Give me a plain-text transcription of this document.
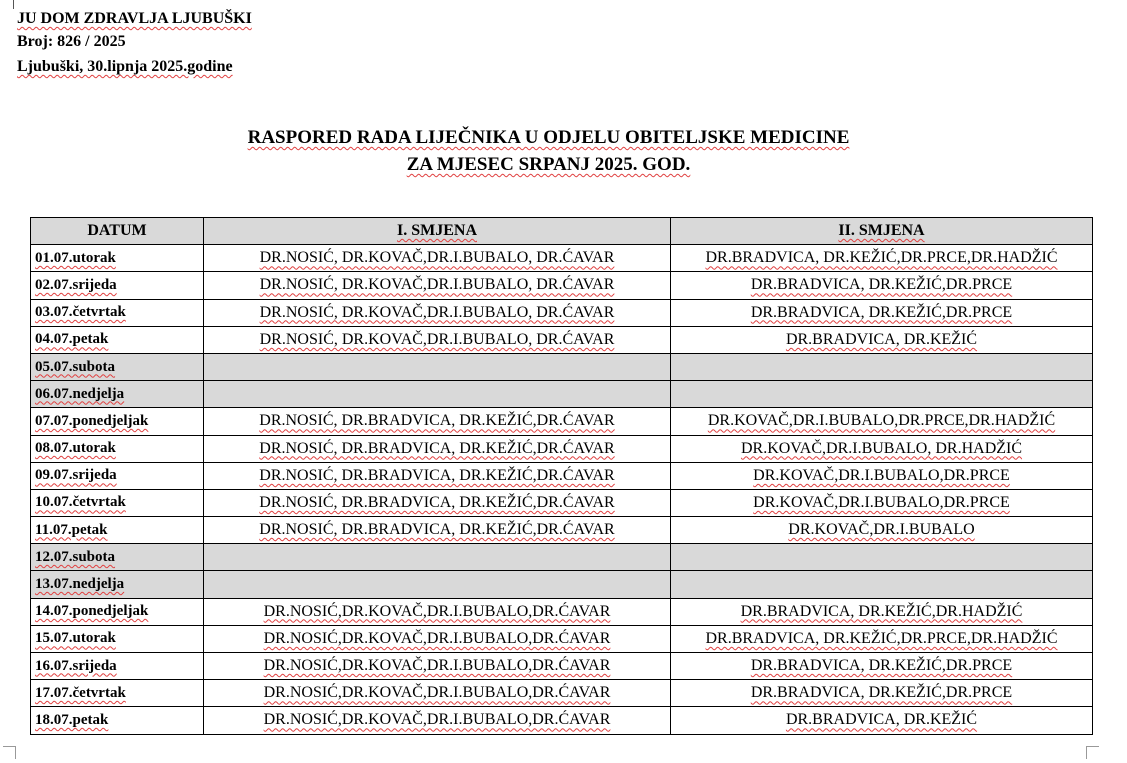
JU DOM ZDRAVLJA LJUBUŠKI
Broj: 826 / 2025
Ljubuški, 30.lipnja 2025.godine
RASPORED RADA LIJEČNIKA U ODJELU OBITELJSKE MEDICINE
ZA MJESEC SRPANJ 2025. GOD.
DATUM	I. SMJENA	II. SMJENA
01.07.utorak	DR.NOSIĆ, DR.KOVAČ,DR.I.BUBALO, DR.ĆAVAR	DR.BRADVICA, DR.KEŽIĆ,DR.PRCE,DR.HADŽIĆ
02.07.srijeda	DR.NOSIĆ, DR.KOVAČ,DR.I.BUBALO, DR.ĆAVAR	DR.BRADVICA, DR.KEŽIĆ,DR.PRCE
03.07.četvrtak	DR.NOSIĆ, DR.KOVAČ,DR.I.BUBALO, DR.ĆAVAR	DR.BRADVICA, DR.KEŽIĆ,DR.PRCE
04.07.petak	DR.NOSIĆ, DR.KOVAČ,DR.I.BUBALO, DR.ĆAVAR	DR.BRADVICA, DR.KEŽIĆ
05.07.subota		
06.07.nedjelja		
07.07.ponedjeljak	DR.NOSIĆ, DR.BRADVICA, DR.KEŽIĆ,DR.ĆAVAR	DR.KOVAČ,DR.I.BUBALO,DR.PRCE,DR.HADŽIĆ
08.07.utorak	DR.NOSIĆ, DR.BRADVICA, DR.KEŽIĆ,DR.ĆAVAR	DR.KOVAČ,DR.I.BUBALO, DR.HADŽIĆ
09.07.srijeda	DR.NOSIĆ, DR.BRADVICA, DR.KEŽIĆ,DR.ĆAVAR	DR.KOVAČ,DR.I.BUBALO,DR.PRCE
10.07.četvrtak	DR.NOSIĆ, DR.BRADVICA, DR.KEŽIĆ,DR.ĆAVAR	DR.KOVAČ,DR.I.BUBALO,DR.PRCE
11.07.petak	DR.NOSIĆ, DR.BRADVICA, DR.KEŽIĆ,DR.ĆAVAR	DR.KOVAČ,DR.I.BUBALO
12.07.subota		
13.07.nedjelja		
14.07.ponedjeljak	DR.NOSIĆ,DR.KOVAČ,DR.I.BUBALO,DR.ĆAVAR	DR.BRADVICA, DR.KEŽIĆ,DR.HADŽIĆ
15.07.utorak	DR.NOSIĆ,DR.KOVAČ,DR.I.BUBALO,DR.ĆAVAR	DR.BRADVICA, DR.KEŽIĆ,DR.PRCE,DR.HADŽIĆ
16.07.srijeda	DR.NOSIĆ,DR.KOVAČ,DR.I.BUBALO,DR.ĆAVAR	DR.BRADVICA, DR.KEŽIĆ,DR.PRCE
17.07.četvrtak	DR.NOSIĆ,DR.KOVAČ,DR.I.BUBALO,DR.ĆAVAR	DR.BRADVICA, DR.KEŽIĆ,DR.PRCE
18.07.petak	DR.NOSIĆ,DR.KOVAČ,DR.I.BUBALO,DR.ĆAVAR	DR.BRADVICA, DR.KEŽIĆ
